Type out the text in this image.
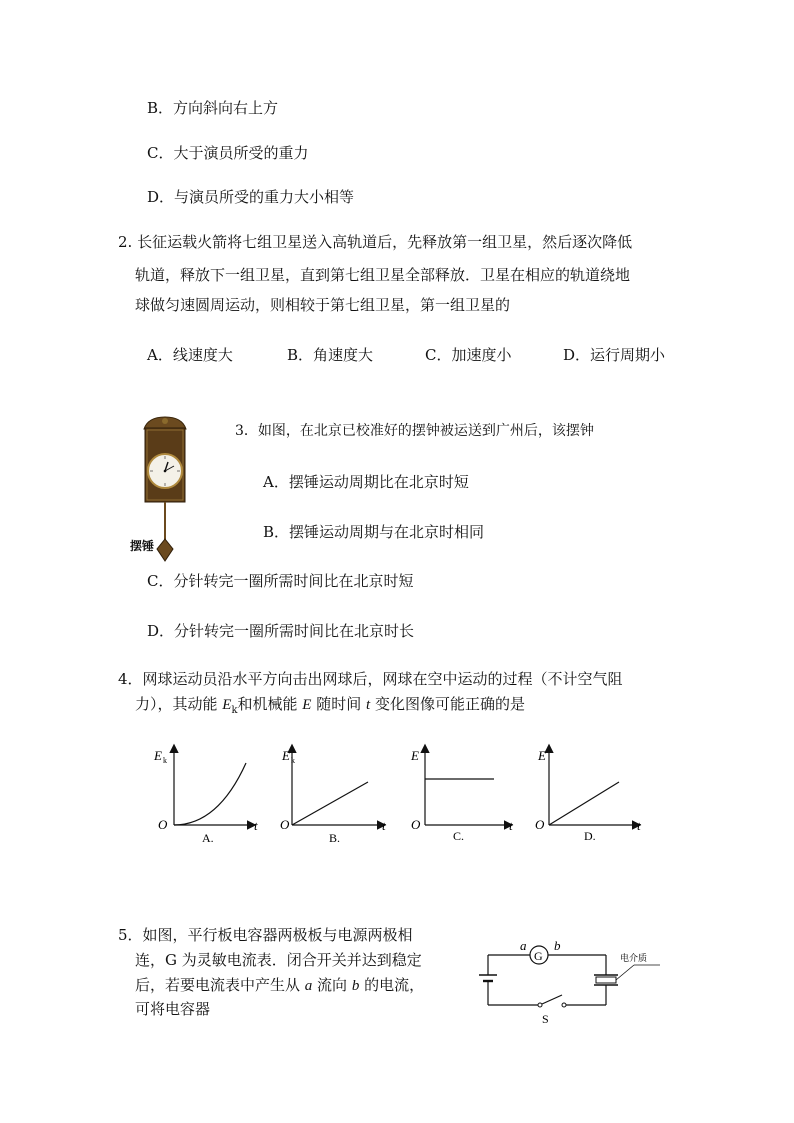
B．方向斜向右上方
C．大于演员所受的重力
D．与演员所受的重力大小相等
2. 长征运载火箭将七组卫星送入高轨道后，先释放第一组卫星，然后逐次降低
轨道，释放下一组卫星，直到第七组卫星全部释放．卫星在相应的轨道绕地
球做匀速圆周运动，则相较于第七组卫星，第一组卫星的
A．线速度大	B．角速度大	C．加速度小	D．运行周期小
摆锤
3．如图，在北京已校准好的摆钟被运送到广州后，该摆钟
A．摆锤运动周期比在北京时短
B．摆锤运动周期与在北京时相同
C．分针转完一圈所需时间比在北京时短
D．分针转完一圈所需时间比在北京时长
4．网球运动员沿水平方向击出网球后，网球在空中运动的过程（不计空气阻
力），其动能 $E_k$和机械能 E 随时间 t 变化图像可能正确的是
E k
O	t
A.
E k
O	t
B.
E
O	t
C.
E
O	t
D.
5．如图，平行板电容器两极板与电源两极相
连，G 为灵敏电流表．闭合开关并达到稳定
后，若要电流表中产生从 a 流向 b 的电流，
可将电容器
G
a b
S
电介质
